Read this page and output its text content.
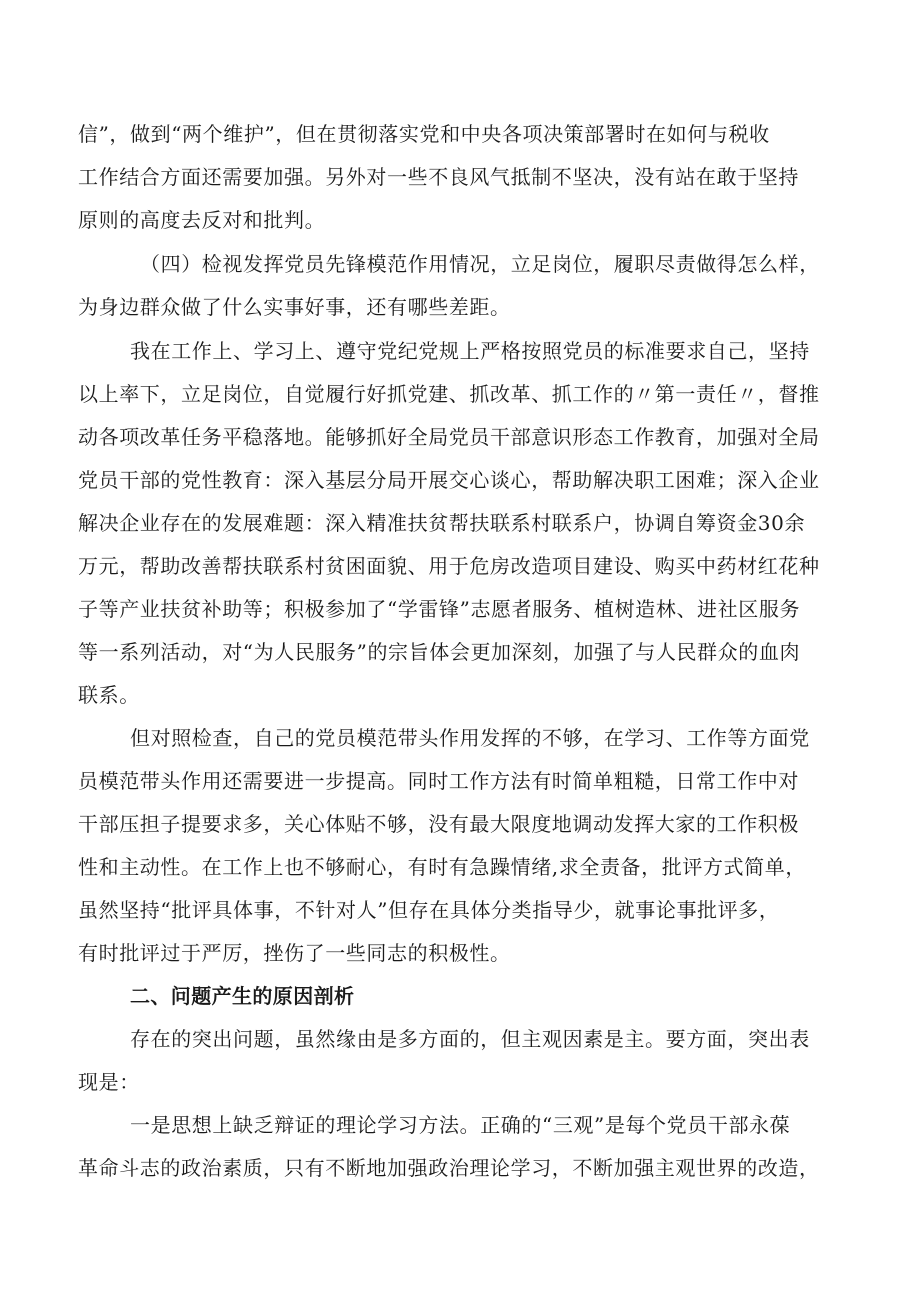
信”，做到“两个维护”，但在贯彻落实党和中央各项决策部署时在如何与税收
工作结合方面还需要加强。另外对一些不良风气抵制不坚决，没有站在敢于坚持
原则的高度去反对和批判。
（四）检视发挥党员先锋模范作用情况，立足岗位，履职尽责做得怎么样，
为身边群众做了什么实事好事，还有哪些差距。
我在工作上、学习上、遵守党纪党规上严格按照党员的标准要求自己，坚持
以上率下，立足岗位，自觉履行好抓党建、抓改革、抓工作的〃第一责任〃，督推
动各项改革任务平稳落地。能够抓好全局党员干部意识形态工作教育，加强对全局
党员干部的党性教育：深入基层分局开展交心谈心，帮助解决职工困难；深入企业
解决企业存在的发展难题：深入精准扶贫帮扶联系村联系户，协调自筹资金30余
万元，帮助改善帮扶联系村贫困面貌、用于危房改造项目建设、购买中药材红花种
子等产业扶贫补助等；积极参加了“学雷锋”志愿者服务、植树造林、进社区服务
等一系列活动，对“为人民服务”的宗旨体会更加深刻，加强了与人民群众的血肉
联系。
但对照检查，自己的党员模范带头作用发挥的不够，在学习、工作等方面党
员模范带头作用还需要进一步提高。同时工作方法有时简单粗糙，日常工作中对
干部压担子提要求多，关心体贴不够，没有最大限度地调动发挥大家的工作积极
性和主动性。在工作上也不够耐心，有时有急躁情绪,求全责备，批评方式简单，
虽然坚持“批评具体事，不针对人”但存在具体分类指导少，就事论事批评多，
有时批评过于严厉，挫伤了一些同志的积极性。
二、问题产生的原因剖析
存在的突出问题，虽然缘由是多方面的，但主观因素是主。要方面，突出表
现是：
一是思想上缺乏辩证的理论学习方法。正确的“三观”是每个党员干部永葆
革命斗志的政治素质，只有不断地加强政治理论学习，不断加强主观世界的改造，
